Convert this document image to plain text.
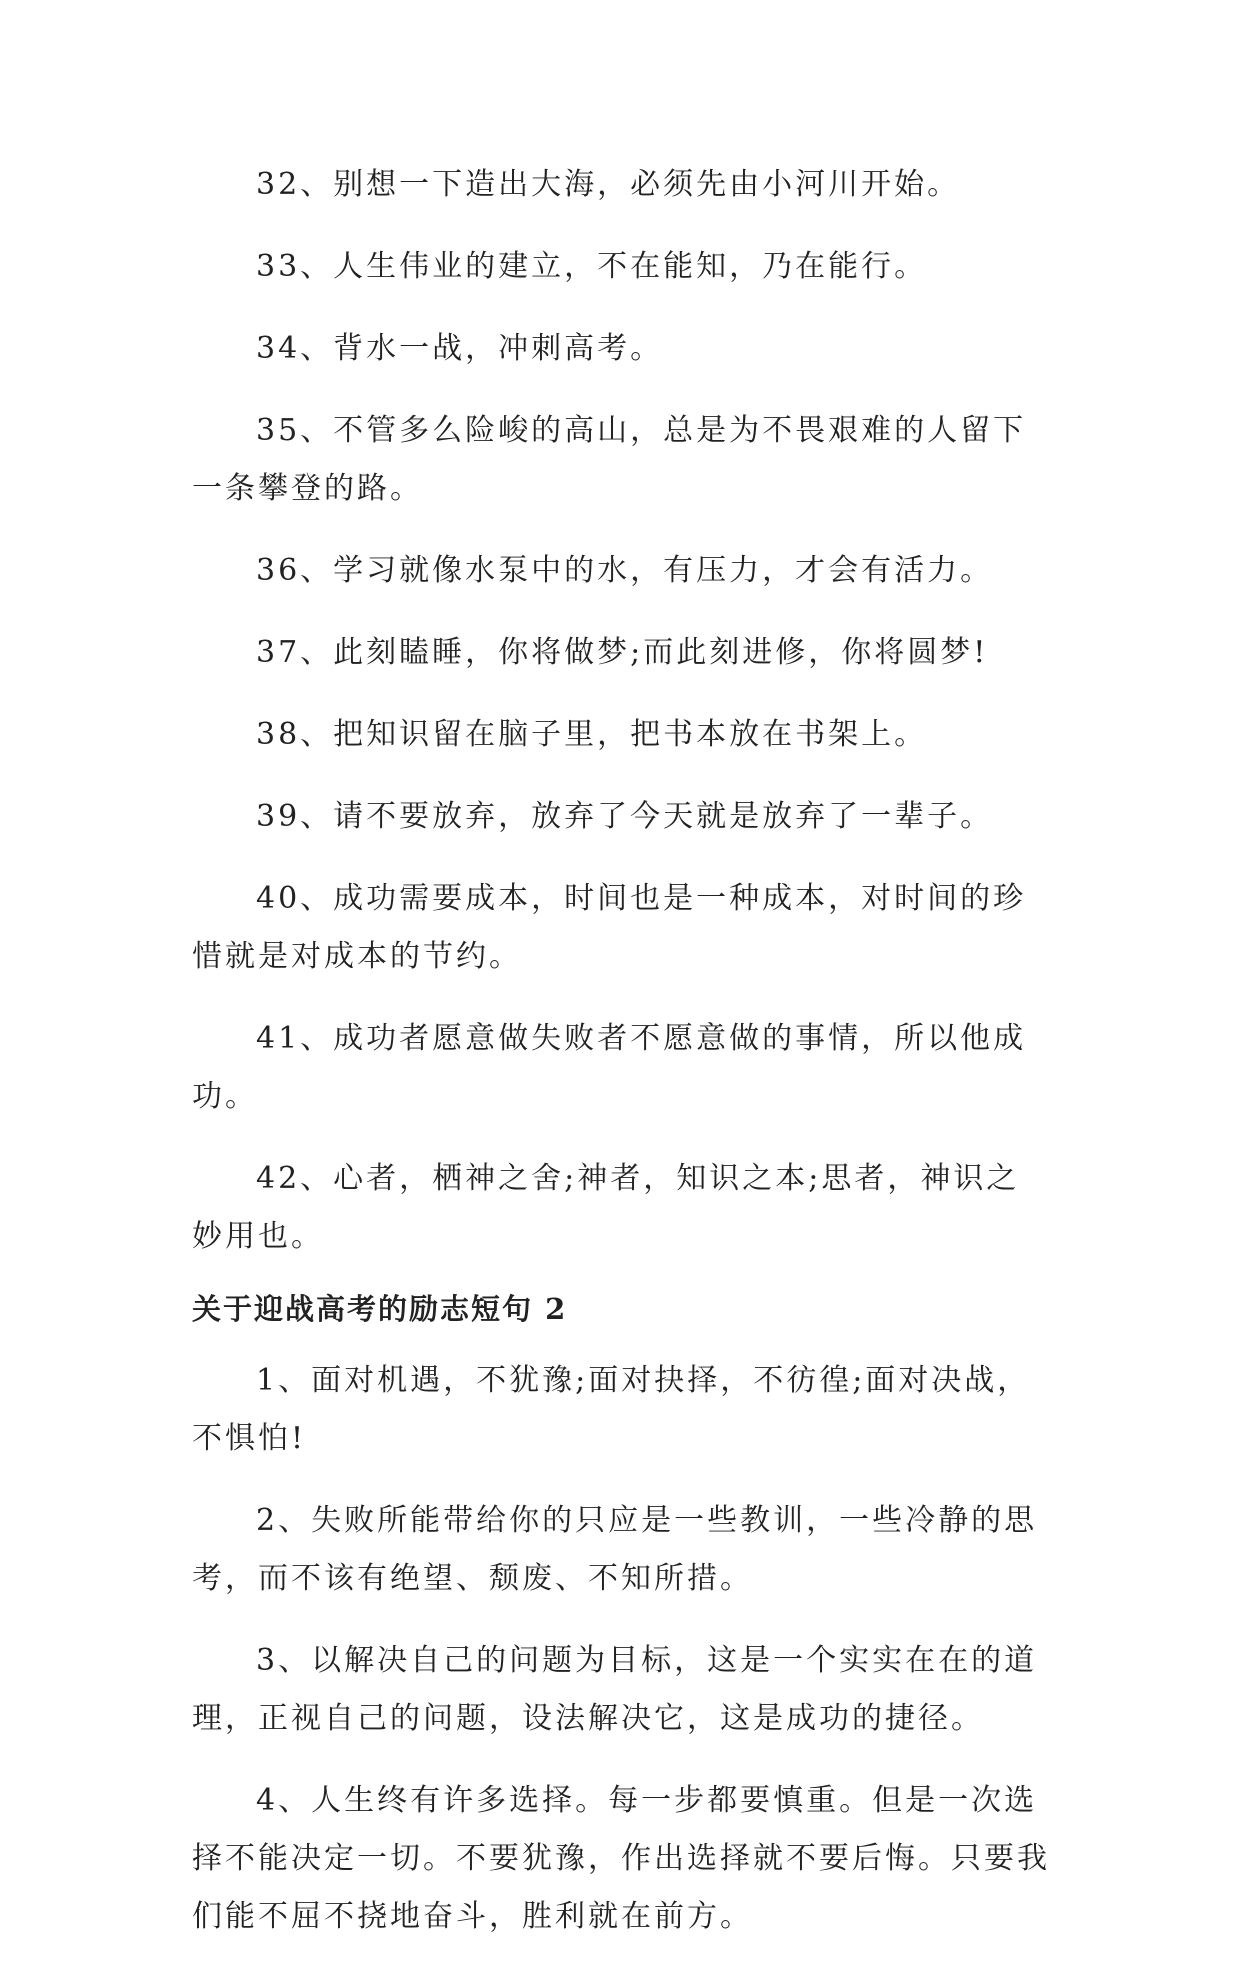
32、别想一下造出大海，必须先由小河川开始。

33、人生伟业的建立，不在能知，乃在能行。

34、背水一战，冲刺高考。

35、不管多么险峻的高山，总是为不畏艰难的人留下一条攀登的路。

36、学习就像水泵中的水，有压力，才会有活力。

37、此刻瞌睡，你将做梦;而此刻进修，你将圆梦!

38、把知识留在脑子里，把书本放在书架上。

39、请不要放弃，放弃了今天就是放弃了一辈子。

40、成功需要成本，时间也是一种成本，对时间的珍惜就是对成本的节约。

41、成功者愿意做失败者不愿意做的事情，所以他成功。

42、心者，栖神之舍;神者，知识之本;思者，神识之妙用也。

关于迎战高考的励志短句 2

1、面对机遇，不犹豫;面对抉择，不彷徨;面对决战，不惧怕!

2、失败所能带给你的只应是一些教训，一些冷静的思考，而不该有绝望、颓废、不知所措。

3、以解决自己的问题为目标，这是一个实实在在的道理，正视自己的问题，设法解决它，这是成功的捷径。

4、人生终有许多选择。每一步都要慎重。但是一次选择不能决定一切。不要犹豫，作出选择就不要后悔。只要我们能不屈不挠地奋斗，胜利就在前方。
